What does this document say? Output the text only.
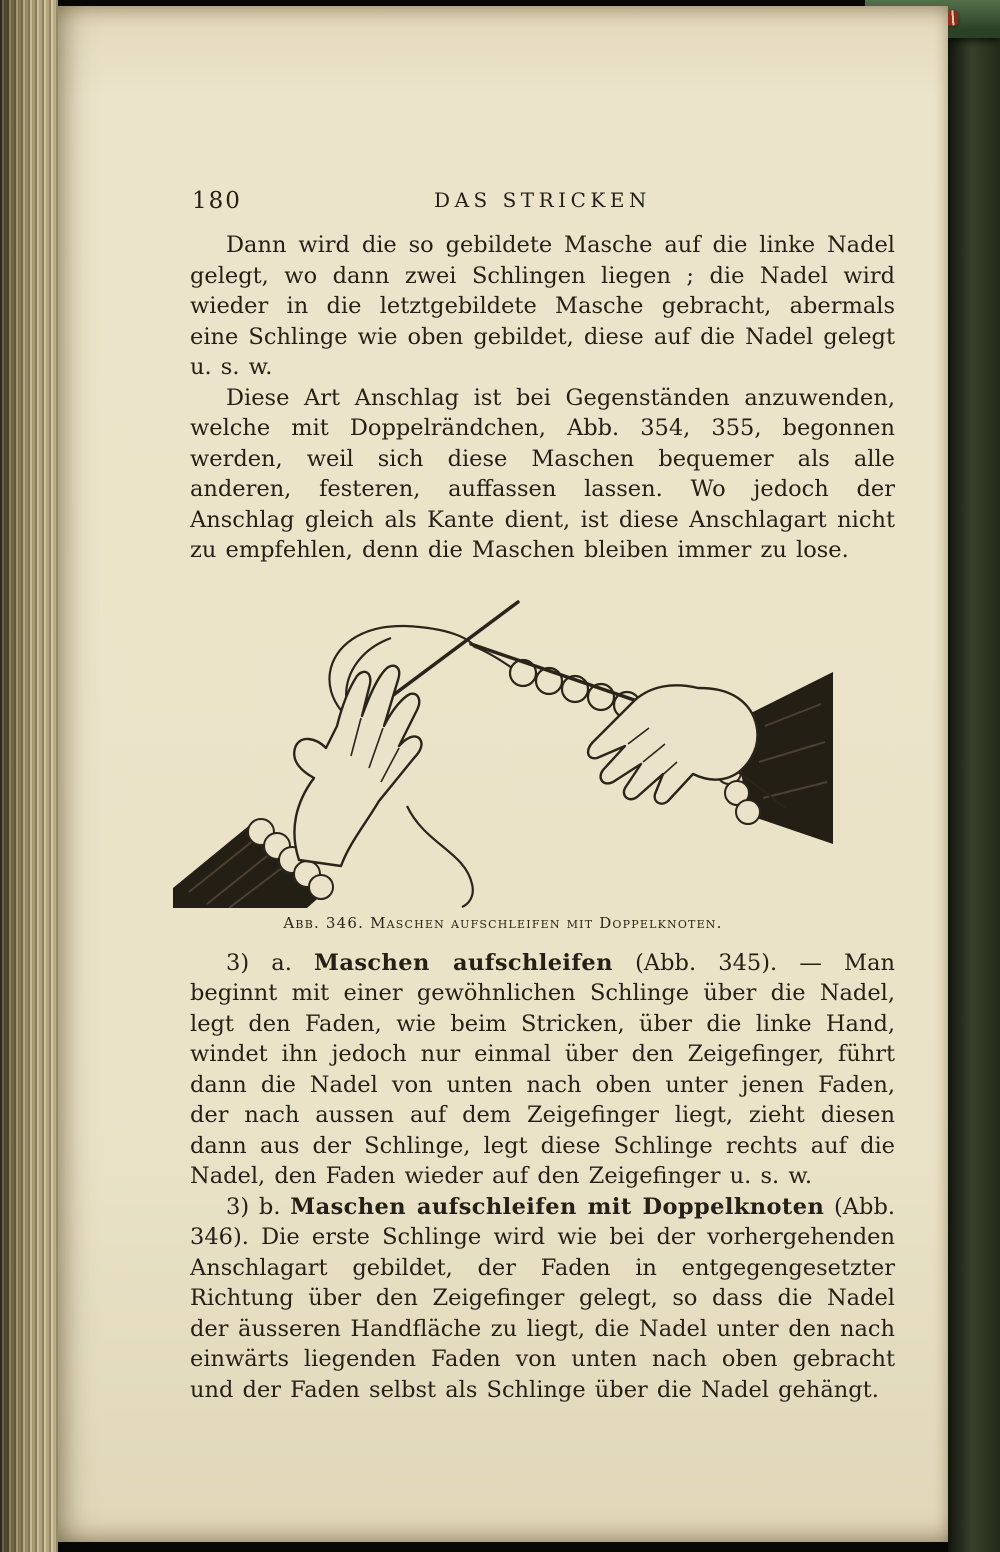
180	DAS STRICKEN

Dann wird die so gebildete Masche auf die linke Nadel gelegt, wo dann zwei Schlingen liegen ; die Nadel wird wieder in die letztgebildete Masche gebracht, abermals eine Schlinge wie oben gebildet, diese auf die Nadel gelegt u. s. w.

Diese Art Anschlag ist bei Gegenständen anzuwenden, welche mit Doppelrändchen, Abb. 354, 355, begonnen werden, weil sich diese Maschen bequemer als alle anderen, festeren, auffassen lassen. Wo jedoch der Anschlag gleich als Kante dient, ist diese Anschlagart nicht zu empfehlen, denn die Maschen bleiben immer zu lose.

Abb. 346. Maschen aufschleifen mit Doppelknoten.

3) a. Maschen aufschleifen (Abb. 345). — Man beginnt mit einer gewöhnlichen Schlinge über die Nadel, legt den Faden, wie beim Stricken, über die linke Hand, windet ihn jedoch nur einmal über den Zeigefinger, führt dann die Nadel von unten nach oben unter jenen Faden, der nach aussen auf dem Zeigefinger liegt, zieht diesen dann aus der Schlinge, legt diese Schlinge rechts auf die Nadel, den Faden wieder auf den Zeigefinger u. s. w.

3) b. Maschen aufschleifen mit Doppelknoten (Abb. 346). Die erste Schlinge wird wie bei der vorhergehenden Anschlagart gebildet, der Faden in entgegengesetzter Richtung über den Zeigefinger gelegt, so dass die Nadel der äusseren Handfläche zu liegt, die Nadel unter den nach einwärts liegenden Faden von unten nach oben gebracht und der Faden selbst als Schlinge über die Nadel gehängt.
